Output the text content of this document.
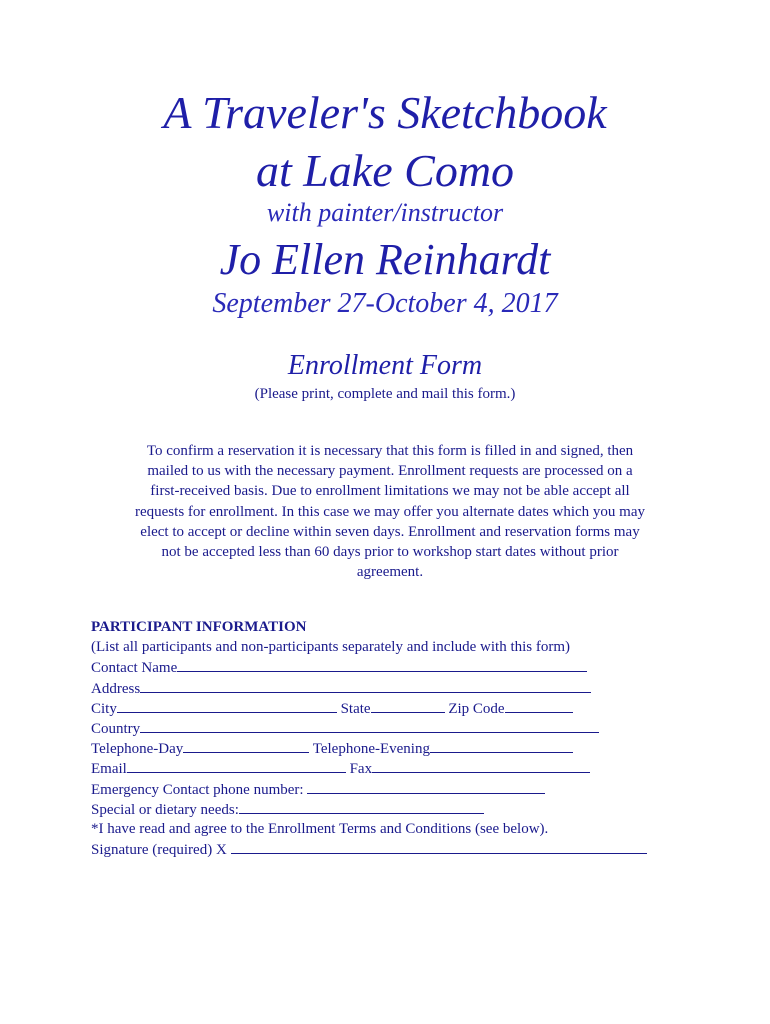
A Traveler's Sketchbook
at Lake Como
with painter/instructor
Jo Ellen Reinhardt
September 27-October 4, 2017
Enrollment Form
(Please print, complete and mail this form.)
To confirm a reservation it is necessary that this form is filled in and signed, then
mailed to us with the necessary payment. Enrollment requests are processed on a
first-received basis. Due to enrollment limitations we may not be able accept all
requests for enrollment. In this case we may offer you alternate dates which you may
elect to accept or decline within seven days. Enrollment and reservation forms may
not be accepted less than 60 days prior to workshop start dates without prior
agreement.
PARTICIPANT INFORMATION
(List all participants and non-participants separately and include with this form)
Contact Name
Address
City	State	Zip Code
Country
Telephone-Day	Telephone-Evening
Email	Fax
Emergency Contact phone number:
Special or dietary needs:
*I have read and agree to the Enrollment Terms and Conditions (see below).
Signature (required) X
